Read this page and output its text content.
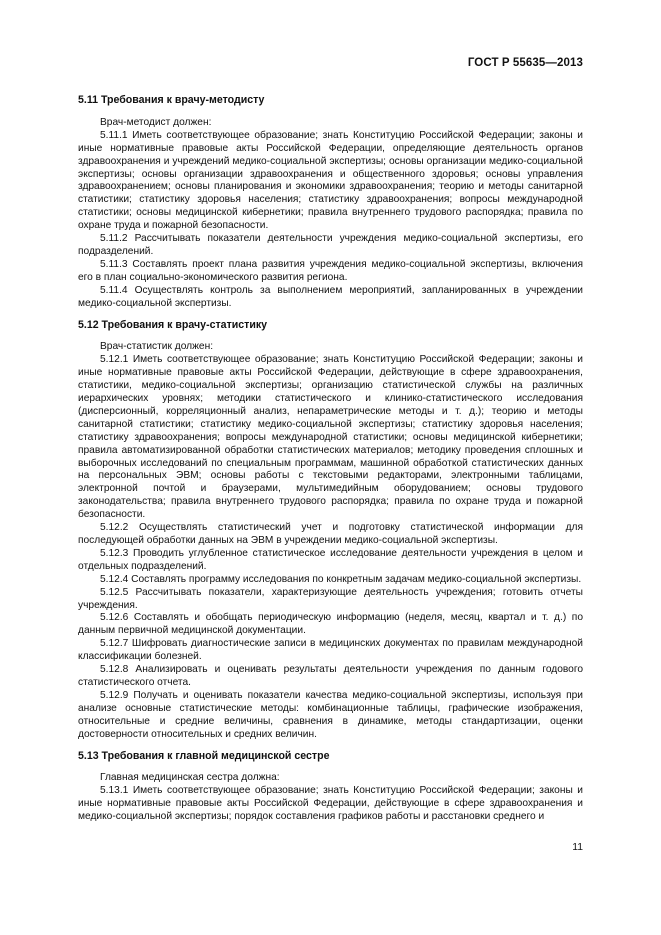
ГОСТ Р 55635—2013
5.11 Требования к врачу-методисту

Врач-методист должен:

5.11.1 Иметь соответствующее образование; знать Конституцию Российской Федерации; законы и иные нормативные правовые акты Российской Федерации, определяющие деятельность органов здравоохранения и учреждений медико-социальной экспертизы; основы организации медико-социальной экспертизы; основы организации здравоохранения и общественного здоровья; основы управления здравоохранением; основы планирования и экономики здравоохранения; теорию и методы санитарной статистики; статистику здоровья населения; статистику здравоохранения; вопросы международной статистики; основы медицинской кибернетики; правила внутреннего трудового распорядка; правила по охране труда и пожарной безопасности.

5.11.2 Рассчитывать показатели деятельности учреждения медико-социальной экспертизы, его подразделений.

5.11.3 Составлять проект плана развития учреждения медико-социальной экспертизы, включения его в план социально-экономического развития региона.

5.11.4 Осуществлять контроль за выполнением мероприятий, запланированных в учреждении медико-социальной экспертизы.

5.12 Требования к врачу-статистику

Врач-статистик должен:

5.12.1 Иметь соответствующее образование; знать Конституцию Российской Федерации; законы и иные нормативные правовые акты Российской Федерации, действующие в сфере здравоохранения, статистики, медико-социальной экспертизы; организацию статистической службы на различных иерархических уровнях; методики статистического и клинико-статистического исследования (дисперсионный, корреляционный анализ, непараметрические методы и т. д.); теорию и методы санитарной статистики; статистику медико-социальной экспертизы; статистику здоровья населения; статистику здравоохранения; вопросы международной статистики; основы медицинской кибернетики; правила автоматизированной обработки статистических материалов; методику проведения сплошных и выборочных исследований по специальным программам, машинной обработкой статистических данных на персональных ЭВМ; основы работы с текстовыми редакторами, электронными таблицами, электронной почтой и браузерами, мультимедийным оборудованием; основы трудового законодательства; правила внутреннего трудового распорядка; правила по охране труда и пожарной безопасности.

5.12.2 Осуществлять статистический учет и подготовку статистической информации для последующей обработки данных на ЭВМ в учреждении медико-социальной экспертизы.

5.12.3 Проводить углубленное статистическое исследование деятельности учреждения в целом и отдельных подразделений.

5.12.4 Составлять программу исследования по конкретным задачам медико-социальной экспертизы.

5.12.5 Рассчитывать показатели, характеризующие деятельность учреждения; готовить отчеты учреждения.

5.12.6 Составлять и обобщать периодическую информацию (неделя, месяц, квартал и т. д.) по данным первичной медицинской документации.

5.12.7 Шифровать диагностические записи в медицинских документах по правилам международной классификации болезней.

5.12.8 Анализировать и оценивать результаты деятельности учреждения по данным годового статистического отчета.

5.12.9 Получать и оценивать показатели качества медико-социальной экспертизы, используя при анализе основные статистические методы: комбинационные таблицы, графические изображения, относительные и средние величины, сравнения в динамике, методы стандартизации, оценки достоверности относительных и средних величин.

5.13 Требования к главной медицинской сестре

Главная медицинская сестра должна:

5.13.1 Иметь соответствующее образование; знать Конституцию Российской Федерации; законы и иные нормативные правовые акты Российской Федерации, действующие в сфере здравоохранения и медико-социальной экспертизы; порядок составления графиков работы и расстановки среднего и

11
